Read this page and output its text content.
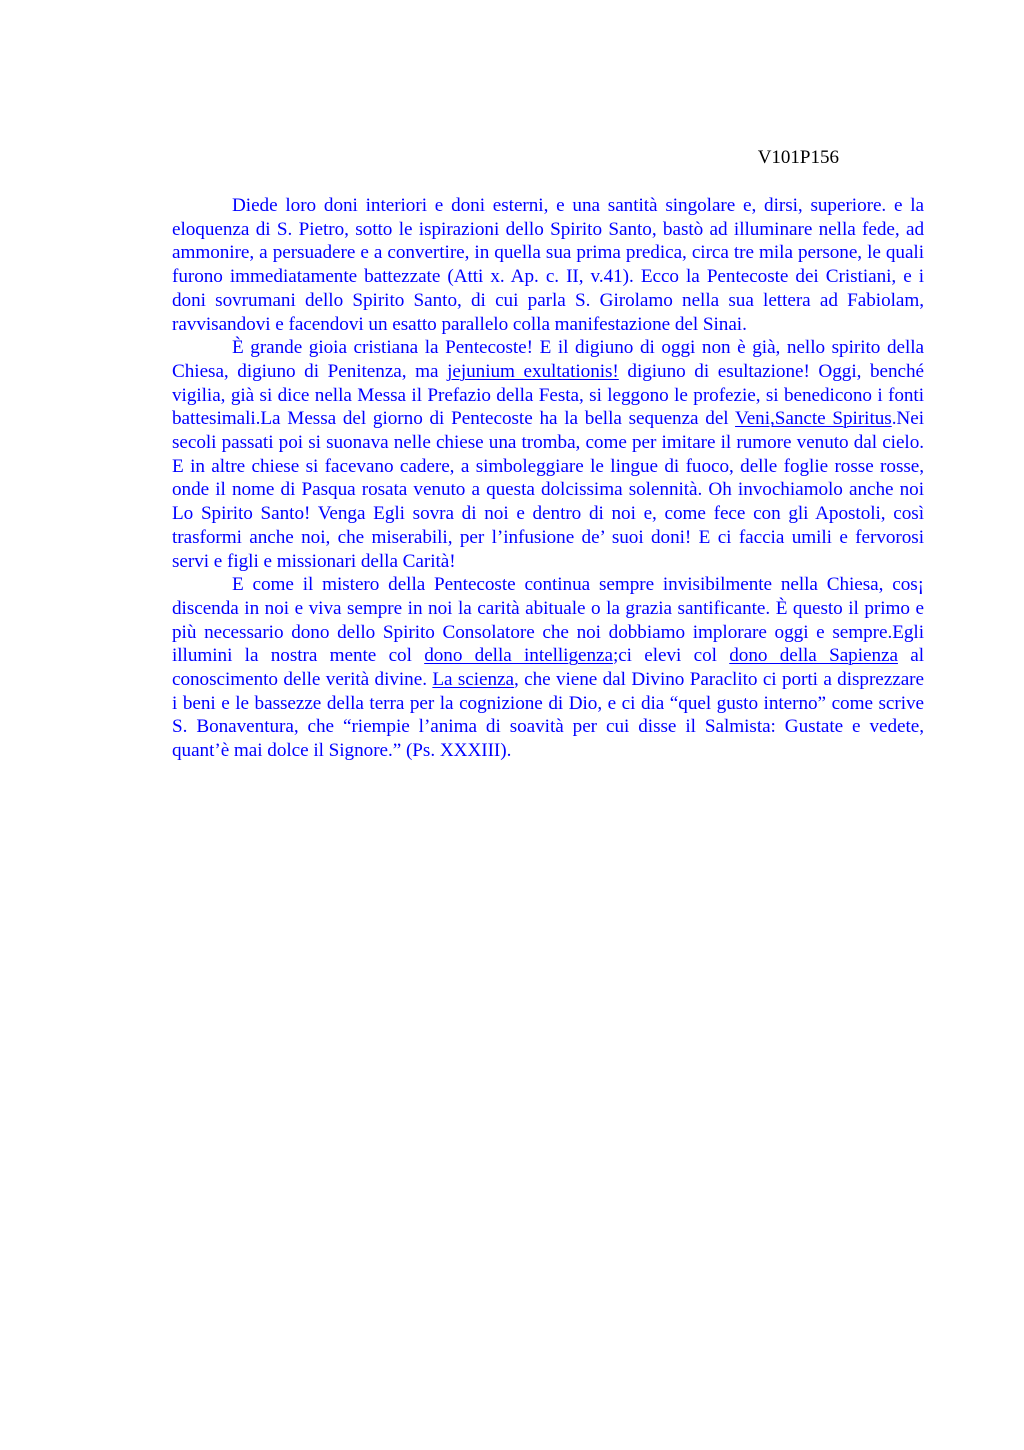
V101P156

Diede loro doni interiori e doni esterni, e una santità singolare e, dirsi, superiore. e la eloquenza di S. Pietro, sotto le ispirazioni dello Spirito Santo, bastò ad illuminare nella fede, ad ammonire, a persuadere e a convertire, in quella sua prima predica, circa tre mila persone, le quali furono immediatamente battezzate (Atti x. Ap. c. II, v.41). Ecco la Pentecoste dei Cristiani, e i doni sovrumani dello Spirito Santo, di cui parla S. Girolamo nella sua lettera ad Fabiolam, ravvisandovi e facendovi un esatto parallelo colla manifestazione del Sinai.

È grande gioia cristiana la Pentecoste! E il digiuno di oggi non è già, nello spirito della Chiesa, digiuno di Penitenza, ma jejunium exultationis! digiuno di esultazione! Oggi, benché vigilia, già si dice nella Messa il Prefazio della Festa, si leggono le profezie, si benedicono i fonti battesimali.La Messa del giorno di Pentecoste ha la bella sequenza del Veni,Sancte Spiritus.Nei secoli passati poi si suonava nelle chiese una tromba, come per imitare il rumore venuto dal cielo. E in altre chiese si facevano cadere, a simboleggiare le lingue di fuoco, delle foglie rosse rosse, onde il nome di Pasqua rosata venuto a questa dolcissima solennità. Oh invochiamolo anche noi Lo Spirito Santo! Venga Egli sovra di noi e dentro di noi e, come fece con gli Apostoli, così trasformi anche noi, che miserabili, per l’infusione de’ suoi doni! E ci faccia umili e fervorosi servi e figli e missionari della Carità!

E come il mistero della Pentecoste continua sempre invisibilmente nella Chiesa, cos¡ discenda in noi e viva sempre in noi la carità abituale o la grazia santificante. È questo il primo e più necessario dono dello Spirito Consolatore che noi dobbiamo implorare oggi e sempre.Egli illumini la nostra mente col dono della intelligenza;ci elevi col dono della Sapienza al conoscimento delle verità divine. La scienza, che viene dal Divino Paraclito ci porti a disprezzare i beni e le bassezze della terra per la cognizione di Dio, e ci dia “quel gusto interno” come scrive S. Bonaventura, che “riempie l’anima di soavità per cui disse il Salmista: Gustate e vedete, quant’è mai dolce il Signore.” (Ps. XXXIII).
